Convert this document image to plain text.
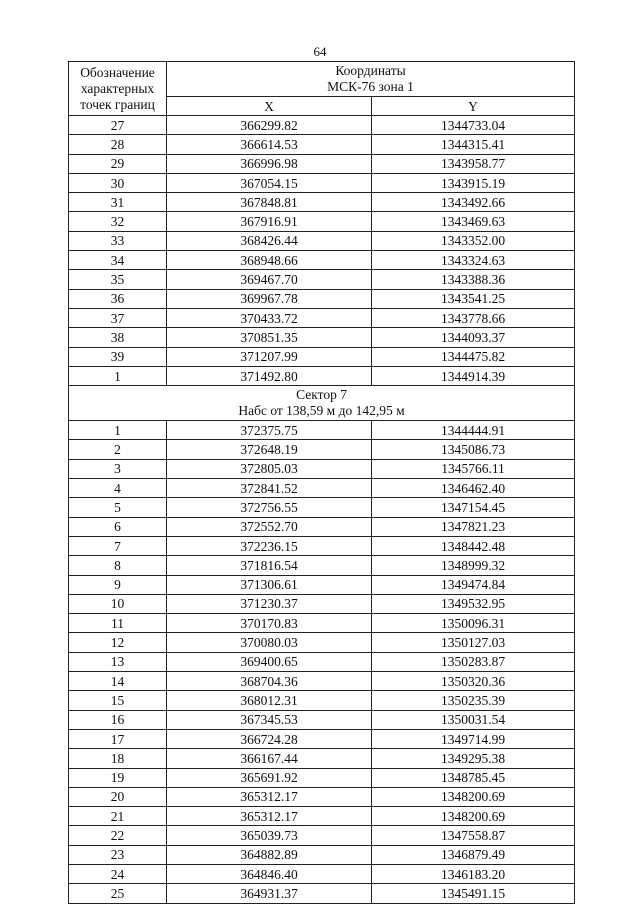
64
Обозначение
характерных
точек границ	Координаты
МСК-76 зона 1	

	X	Y
27	366299.82	1344733.04
28	366614.53	1344315.41
29	366996.98	1343958.77
30	367054.15	1343915.19
31	367848.81	1343492.66
32	367916.91	1343469.63
33	368426.44	1343352.00
34	368948.66	1343324.63
35	369467.70	1343388.36
36	369967.78	1343541.25
37	370433.72	1343778.66
38	370851.35	1344093.37
39	371207.99	1344475.82
1	371492.80	1344914.39

Сектор 7
Набс от 138,59 м до 142,95 м		

1	372375.75	1344444.91
2	372648.19	1345086.73
3	372805.03	1345766.11
4	372841.52	1346462.40
5	372756.55	1347154.45
6	372552.70	1347821.23
7	372236.15	1348442.48
8	371816.54	1348999.32
9	371306.61	1349474.84
10	371230.37	1349532.95
11	370170.83	1350096.31
12	370080.03	1350127.03
13	369400.65	1350283.87
14	368704.36	1350320.36
15	368012.31	1350235.39
16	367345.53	1350031.54
17	366724.28	1349714.99
18	366167.44	1349295.38
19	365691.92	1348785.45
20	365312.17	1348200.69
21	365312.17	1348200.69
22	365039.73	1347558.87
23	364882.89	1346879.49
24	364846.40	1346183.20
25	364931.37	1345491.15
